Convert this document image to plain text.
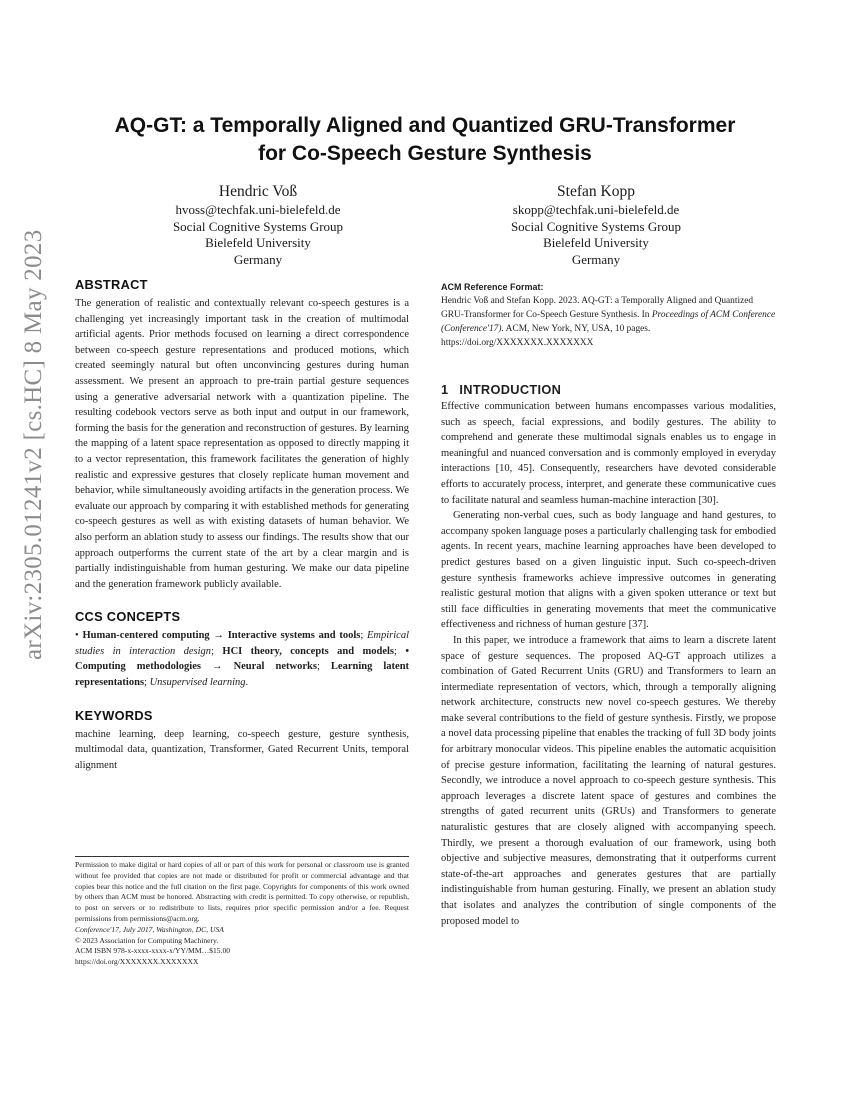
arXiv:2305.01241v2 [cs.HC] 8 May 2023
AQ-GT: a Temporally Aligned and Quantized GRU-Transformer
for Co-Speech Gesture Synthesis
Hendric Voß
hvoss@techfak.uni-bielefeld.de
Social Cognitive Systems Group
Bielefeld University
Germany
Stefan Kopp
skopp@techfak.uni-bielefeld.de
Social Cognitive Systems Group
Bielefeld University
Germany
ABSTRACT

The generation of realistic and contextually relevant co-speech gestures is a challenging yet increasingly important task in the creation of multimodal artificial agents. Prior methods focused on learning a direct correspondence between co-speech gesture representations and produced motions, which created seemingly natural but often unconvincing gestures during human assessment. We present an approach to pre-train partial gesture sequences using a generative adversarial network with a quantization pipeline. The resulting codebook vectors serve as both input and output in our framework, forming the basis for the generation and reconstruction of gestures. By learning the mapping of a latent space representation as opposed to directly mapping it to a vector representation, this framework facilitates the generation of highly realistic and expressive gestures that closely replicate human movement and behavior, while simultaneously avoiding artifacts in the generation process. We evaluate our approach by comparing it with established methods for generating co-speech gestures as well as with existing datasets of human behavior. We also perform an ablation study to assess our findings. The results show that our approach outperforms the current state of the art by a clear margin and is partially indistinguishable from human gesturing. We make our data pipeline and the generation framework publicly available.

CCS CONCEPTS

• Human-centered computing → Interactive systems and tools; Empirical studies in interaction design; HCI theory, concepts and models; • Computing methodologies → Neural networks; Learning latent representations; Unsupervised learning.

KEYWORDS

machine learning, deep learning, co-speech gesture, gesture synthesis, multimodal data, quantization, Transformer, Gated Recurrent Units, temporal alignment

Permission to make digital or hard copies of all or part of this work for personal or classroom use is granted without fee provided that copies are not made or distributed for profit or commercial advantage and that copies bear this notice and the full citation on the first page. Copyrights for components of this work owned by others than ACM must be honored. Abstracting with credit is permitted. To copy otherwise, or republish, to post on servers or to redistribute to lists, requires prior specific permission and/or a fee. Request permissions from permissions@acm.org.

Conference'17, July 2017, Washington, DC, USA
© 2023 Association for Computing Machinery.
ACM ISBN 978-x-xxxx-xxxx-x/YY/MM…$15.00
https://doi.org/XXXXXXX.XXXXXXX
ACM Reference Format:

Hendric Voß and Stefan Kopp. 2023. AQ-GT: a Temporally Aligned and Quantized GRU-Transformer for Co-Speech Gesture Synthesis. In Proceedings of ACM Conference (Conference'17). ACM, New York, NY, USA, 10 pages. https://doi.org/XXXXXXX.XXXXXXX

1 INTRODUCTION

Effective communication between humans encompasses various modalities, such as speech, facial expressions, and bodily gestures. The ability to comprehend and generate these multimodal signals enables us to engage in meaningful and nuanced conversation and is commonly employed in everyday interactions [10, 45]. Consequently, researchers have devoted considerable efforts to accurately process, interpret, and generate these communicative cues to facilitate natural and seamless human-machine interaction [30].

Generating non-verbal cues, such as body language and hand gestures, to accompany spoken language poses a particularly challenging task for embodied agents. In recent years, machine learning approaches have been developed to predict gestures based on a given linguistic input. Such co-speech-driven gesture synthesis frameworks achieve impressive outcomes in generating realistic gestural motion that aligns with a given spoken utterance or text but still face difficulties in generating movements that meet the communicative effectiveness and richness of human gesture [37].

In this paper, we introduce a framework that aims to learn a discrete latent space of gesture sequences. The proposed AQ-GT approach utilizes a combination of Gated Recurrent Units (GRU) and Transformers to learn an intermediate representation of vectors, which, through a temporally aligning network architecture, constructs new novel co-speech gestures. We thereby make several contributions to the field of gesture synthesis. Firstly, we propose a novel data processing pipeline that enables the tracking of full 3D body joints for arbitrary monocular videos. This pipeline enables the automatic acquisition of precise gesture information, facilitating the learning of natural gestures. Secondly, we introduce a novel approach to co-speech gesture synthesis. This approach leverages a discrete latent space of gestures and combines the strengths of gated recurrent units (GRUs) and Transformers to generate naturalistic gestures that are closely aligned with accompanying speech. Thirdly, we present a thorough evaluation of our framework, using both objective and subjective measures, demonstrating that it outperforms current state-of-the-art approaches and generates gestures that are partially indistinguishable from human gesturing. Finally, we present an ablation study that isolates and analyzes the contribution of single components of the proposed model to
